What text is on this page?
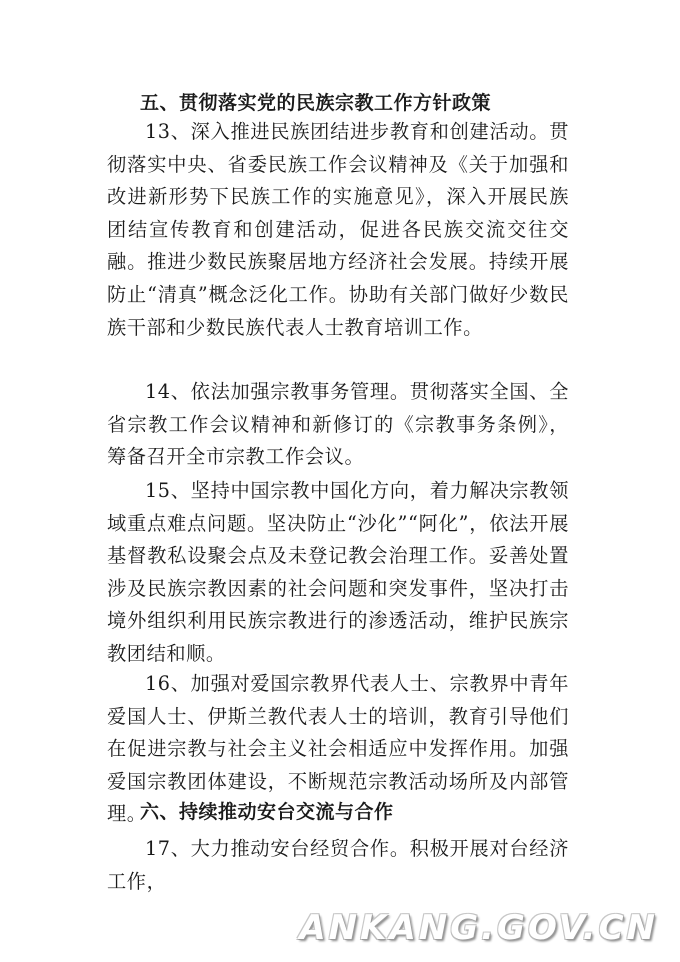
五、贯彻落实党的民族宗教工作方针政策
13、深入推进民族团结进步教育和创建活动。贯彻落实中央、省委民族工作会议精神及《关于加强和改进新形势下民族工作的实施意见》，深入开展民族团结宣传教育和创建活动，促进各民族交流交往交融。推进少数民族聚居地方经济社会发展。持续开展防止“清真”概念泛化工作。协助有关部门做好少数民族干部和少数民族代表人士教育培训工作。
14、依法加强宗教事务管理。贯彻落实全国、全省宗教工作会议精神和新修订的《宗教事务条例》，筹备召开全市宗教工作会议。
15、坚持中国宗教中国化方向，着力解决宗教领域重点难点问题。坚决防止“沙化”“阿化”，依法开展基督教私设聚会点及未登记教会治理工作。妥善处置涉及民族宗教因素的社会问题和突发事件，坚决打击境外组织利用民族宗教进行的渗透活动，维护民族宗教团结和顺。
16、加强对爱国宗教界代表人士、宗教界中青年爱国人士、伊斯兰教代表人士的培训，教育引导他们在促进宗教与社会主义社会相适应中发挥作用。加强爱国宗教团体建设，不断规范宗教活动场所及内部管理。
六、持续推动安台交流与合作
17、大力推动安台经贸合作。积极开展对台经济工作，
ANKANG.GOV.CN
